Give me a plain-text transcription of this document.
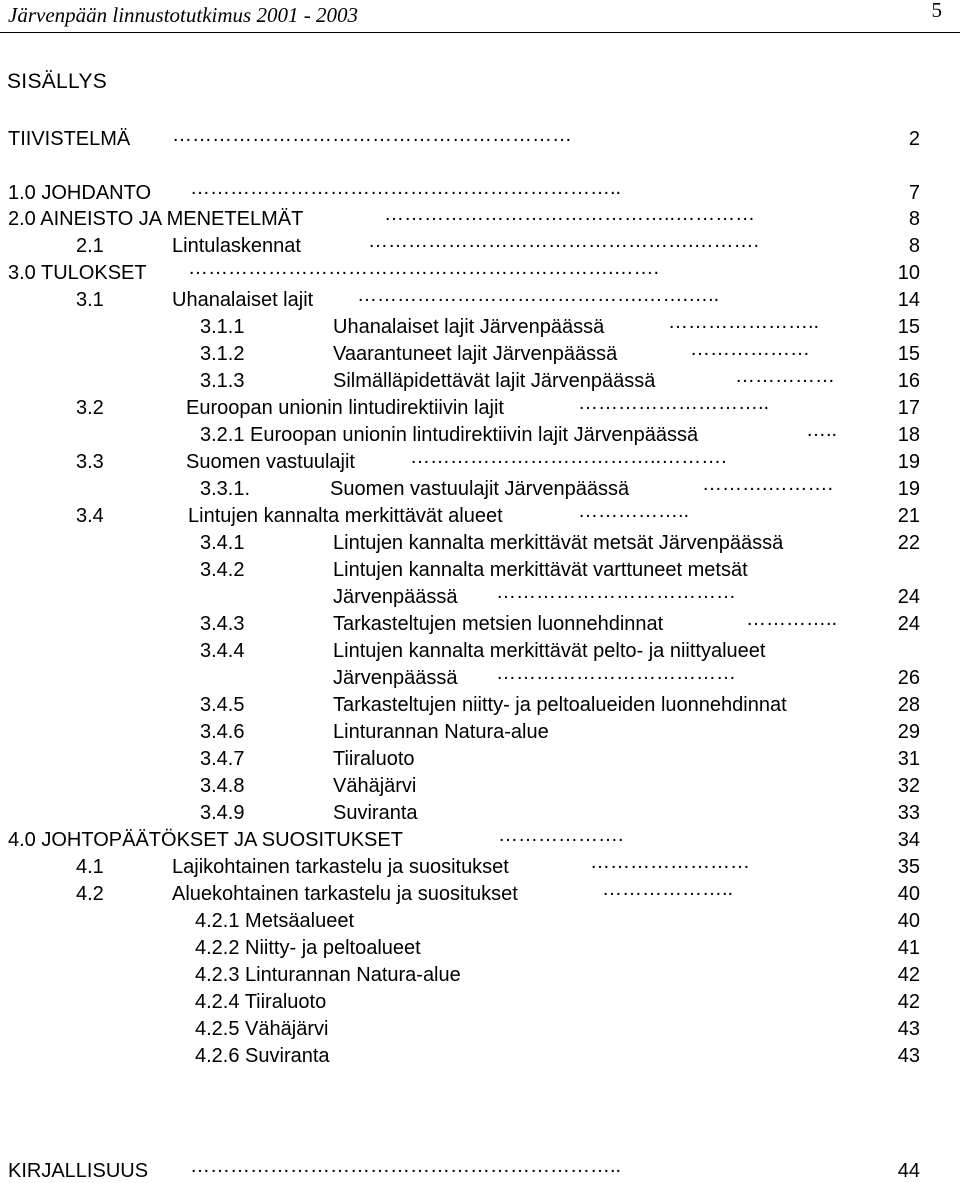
Järvenpään linnustotutkimus 2001 - 2003	5
SISÄLLYS
TIIVISTELMÄ ……………………………………………………	2
1.0 JOHDANTO ………………………………………………………..	7
2.0 AINEISTO JA MENETELMÄT	……………………………………..…………	8
2.1	Lintulaskennat	………………………………………….……….	8
3.0 TULOKSET ……………………………………………………….…….	10
3.1	Uhanalaiset lajit …………………………………….…….…..	14
3.1.1	Uhanalaiset lajit Järvenpäässä	…………………..	15
3.1.2	Vaarantuneet lajit Järvenpäässä	………………	15
3.1.3	Silmälläpidettävät lajit Järvenpäässä	……………	16
3.2	Euroopan unionin lintudirektiivin lajit	………………………..	17
3.2.1 Euroopan unionin lintudirektiivin lajit Järvenpäässä	…..	18
3.3	Suomen vastuulajit	………………………………..……….	19
3.3.1.	Suomen vastuulajit Järvenpäässä	……….……….	19
3.4	Lintujen kannalta merkittävät alueet	……………..	21
3.4.1	Lintujen kannalta merkittävät metsät Järvenpäässä	22
3.4.2	Lintujen kannalta merkittävät varttuneet metsät
Järvenpäässä ………………………………	24
3.4.3	Tarkasteltujen metsien luonnehdinnat	…………..	24
3.4.4	Lintujen kannalta merkittävät pelto- ja niittyalueet
Järvenpäässä ………………………………	26
3.4.5	Tarkasteltujen niitty- ja peltoalueiden luonnehdinnat	28
3.4.6	Linturannan Natura-alue	29
3.4.7	Tiiraluoto	31
3.4.8	Vähäjärvi	32
3.4.9	Suviranta	33
4.0 JOHTOPÄÄTÖKSET JA SUOSITUKSET	……………….	34
4.1	Lajikohtainen tarkastelu ja suositukset	……………………	35
4.2	Aluekohtainen tarkastelu ja suositukset	………………..	40
4.2.1 Metsäalueet	40
4.2.2 Niitty- ja peltoalueet	41
4.2.3 Linturannan Natura-alue	42
4.2.4 Tiiraluoto	42
4.2.5 Vähäjärvi	43
4.2.6 Suviranta	43
KIRJALLISUUS ………………………………………………………..	44
